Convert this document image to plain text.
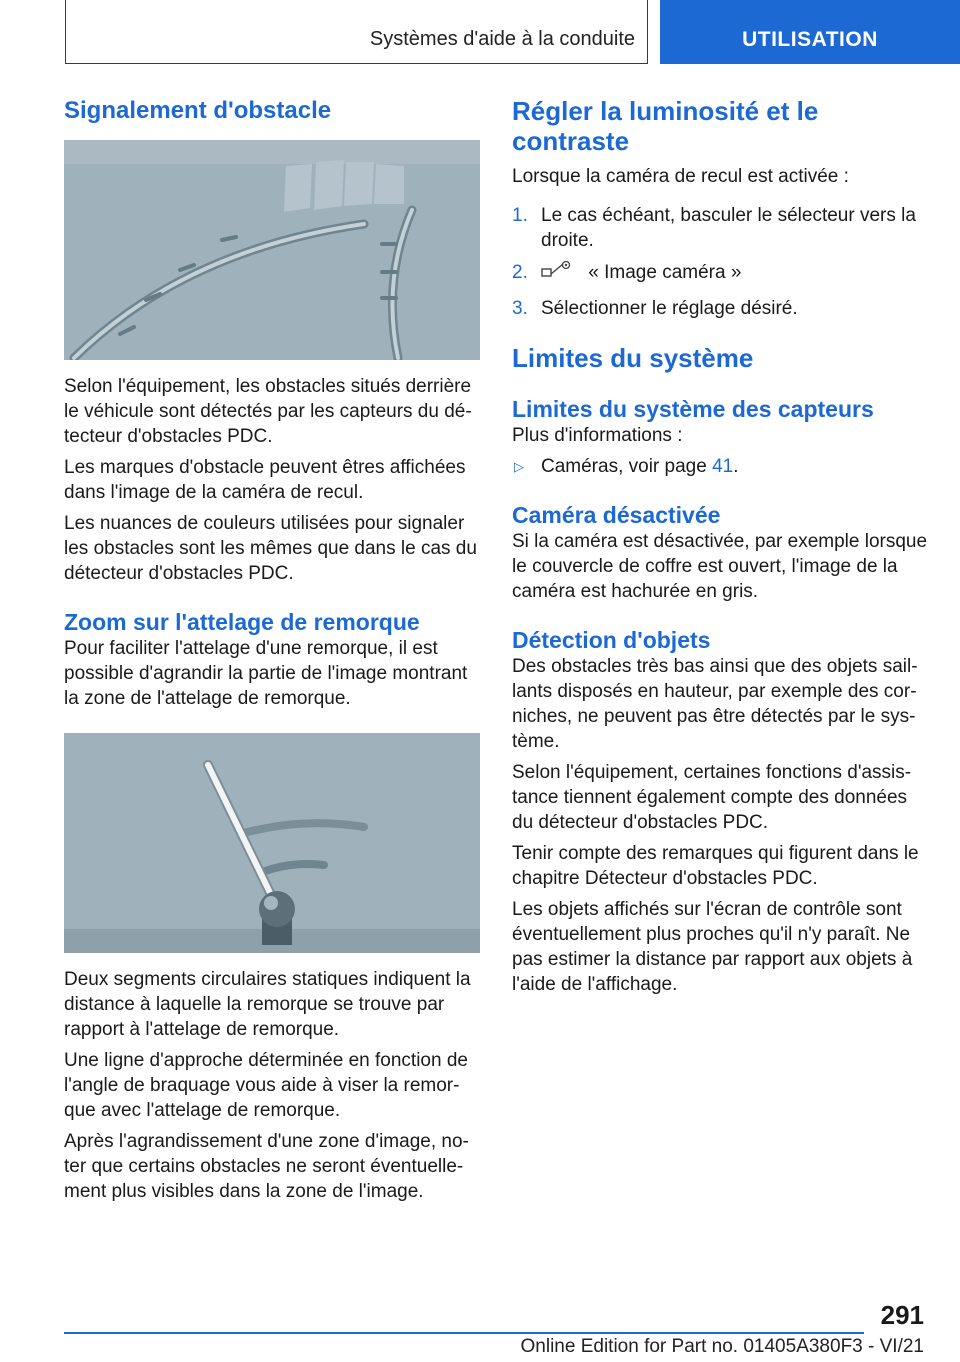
Systèmes d'aide à la conduite	UTILISATION
Signalement d'obstacle

Selon l'équipement, les obstacles situés derrière le véhicule sont détectés par les capteurs du détecteur d'obstacles PDC.

Les marques d'obstacle peuvent êtres affichées dans l'image de la caméra de recul.

Les nuances de couleurs utilisées pour signaler les obstacles sont les mêmes que dans le cas du détecteur d'obstacles PDC.

Zoom sur l'attelage de remorque

Pour faciliter l'attelage d'une remorque, il est possible d'agrandir la partie de l'image montrant la zone de l'attelage de remorque.

Deux segments circulaires statiques indiquent la distance à laquelle la remorque se trouve par rapport à l'attelage de remorque.

Une ligne d'approche déterminée en fonction de l'angle de braquage vous aide à viser la remorque avec l'attelage de remorque.

Après l'agrandissement d'une zone d'image, noter que certains obstacles ne seront éventuellement plus visibles dans la zone de l'image.

Régler la luminosité et le contraste

Lorsque la caméra de recul est activée :

1. Le cas échéant, basculer le sélecteur vers la droite.
2.	« Image caméra »
3. Sélectionner le réglage désiré.
Limites du système
Limites du système des capteurs

Plus d'informations :

▷ Caméras, voir page 41.
Caméra désactivée

Si la caméra est désactivée, par exemple lorsque le couvercle de coffre est ouvert, l'image de la caméra est hachurée en gris.

Détection d'objets

Des obstacles très bas ainsi que des objets saillants disposés en hauteur, par exemple des corniches, ne peuvent pas être détectés par le système.

Selon l'équipement, certaines fonctions d'assistance tiennent également compte des données du détecteur d'obstacles PDC.

Tenir compte des remarques qui figurent dans le chapitre Détecteur d'obstacles PDC.

Les objets affichés sur l'écran de contrôle sont éventuellement plus proches qu'il n'y paraît. Ne pas estimer la distance par rapport aux objets à l'aide de l'affichage.

291
Online Edition for Part no. 01405A380F3 - VI/21
